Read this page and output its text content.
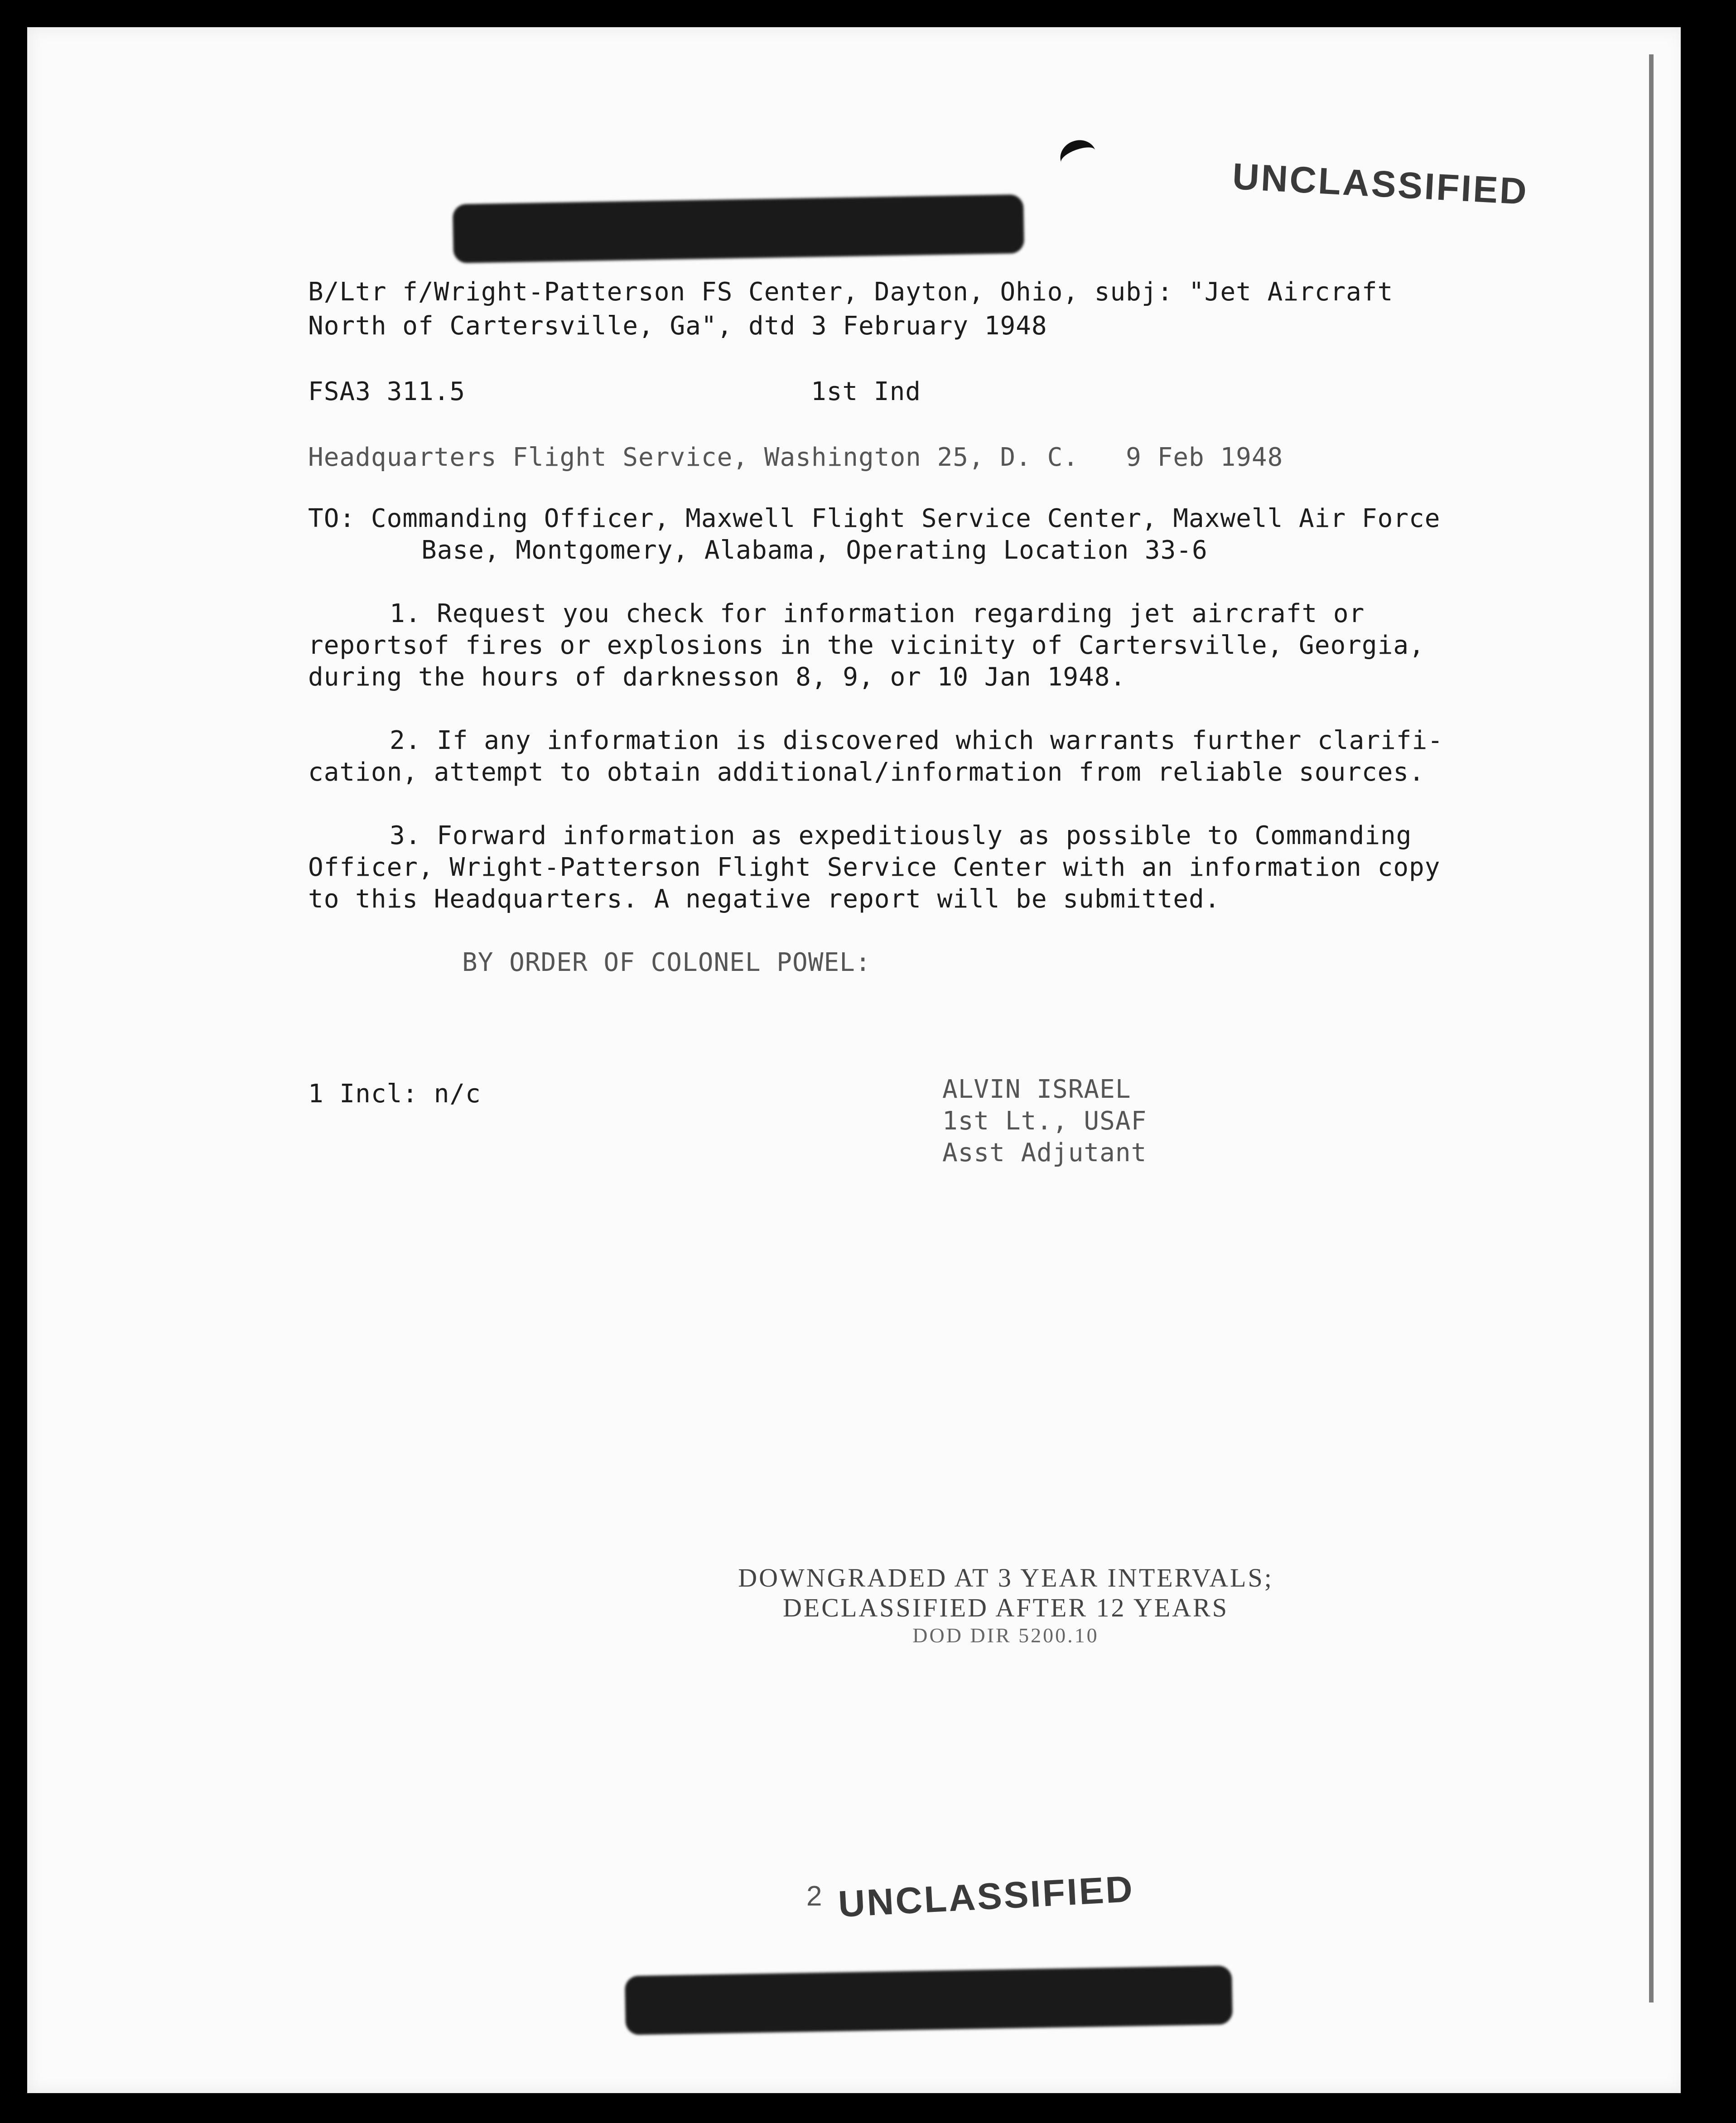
UNCLASSIFIED
B/Ltr f/Wright-Patterson FS Center, Dayton, Ohio, subj: "Jet Aircraft
North of Cartersville, Ga", dtd 3 February 1948
FSA3 311.5	1st Ind
Headquarters Flight Service, Washington 25, D. C.   9 Feb 1948
TO: Commanding Officer, Maxwell Flight Service Center, Maxwell Air Force
Base, Montgomery, Alabama, Operating Location 33-6
1. Request you check for information regarding jet aircraft or
reportsof fires or explosions in the vicinity of Cartersville, Georgia,
during the hours of darknesson 8, 9, or 10 Jan 1948.
2. If any information is discovered which warrants further clarifi-
cation, attempt to obtain additional/information from reliable sources.
3. Forward information as expeditiously as possible to Commanding
Officer, Wright-Patterson Flight Service Center with an information copy
to this Headquarters. A negative report will be submitted.
BY ORDER OF COLONEL POWEL:
1 Incl: n/c	ALVIN ISRAEL
1st Lt., USAF
Asst Adjutant
DOWNGRADED AT 3 YEAR INTERVALS;
DECLASSIFIED AFTER 12 YEARS
DOD DIR 5200.10
2 UNCLASSIFIED
